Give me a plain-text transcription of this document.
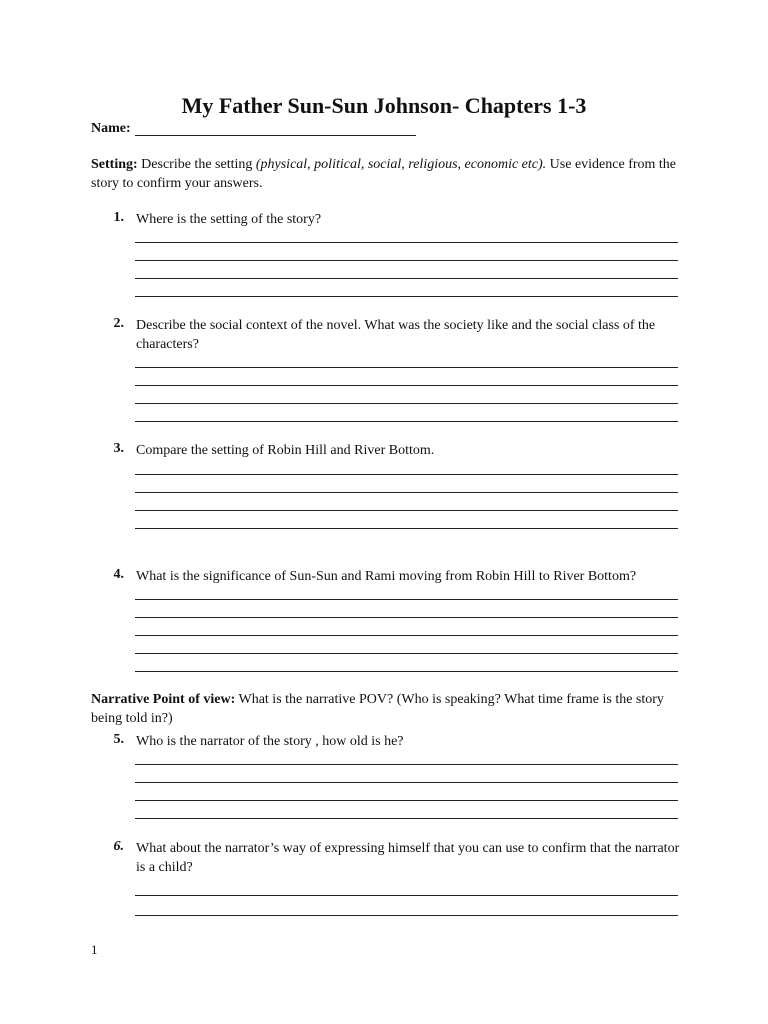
My Father Sun-Sun Johnson- Chapters 1-3
Name:
Setting: Describe the setting (physical, political, social, religious, economic etc). Use evidence from the story to confirm your answers.
1. Where is the setting of the story?
2. Describe the social context of the novel. What was the society like and the social class of the characters?
3. Compare the setting of Robin Hill and River Bottom.
4. What is the significance of Sun-Sun and Rami moving from Robin Hill to River Bottom?
Narrative Point of view: What is the narrative POV? (Who is speaking? What time frame is the story being told in?)
5. Who is the narrator of the story , how old is he?
6. What about the narrator’s way of expressing himself that you can use to confirm that the narrator is a child?
1
